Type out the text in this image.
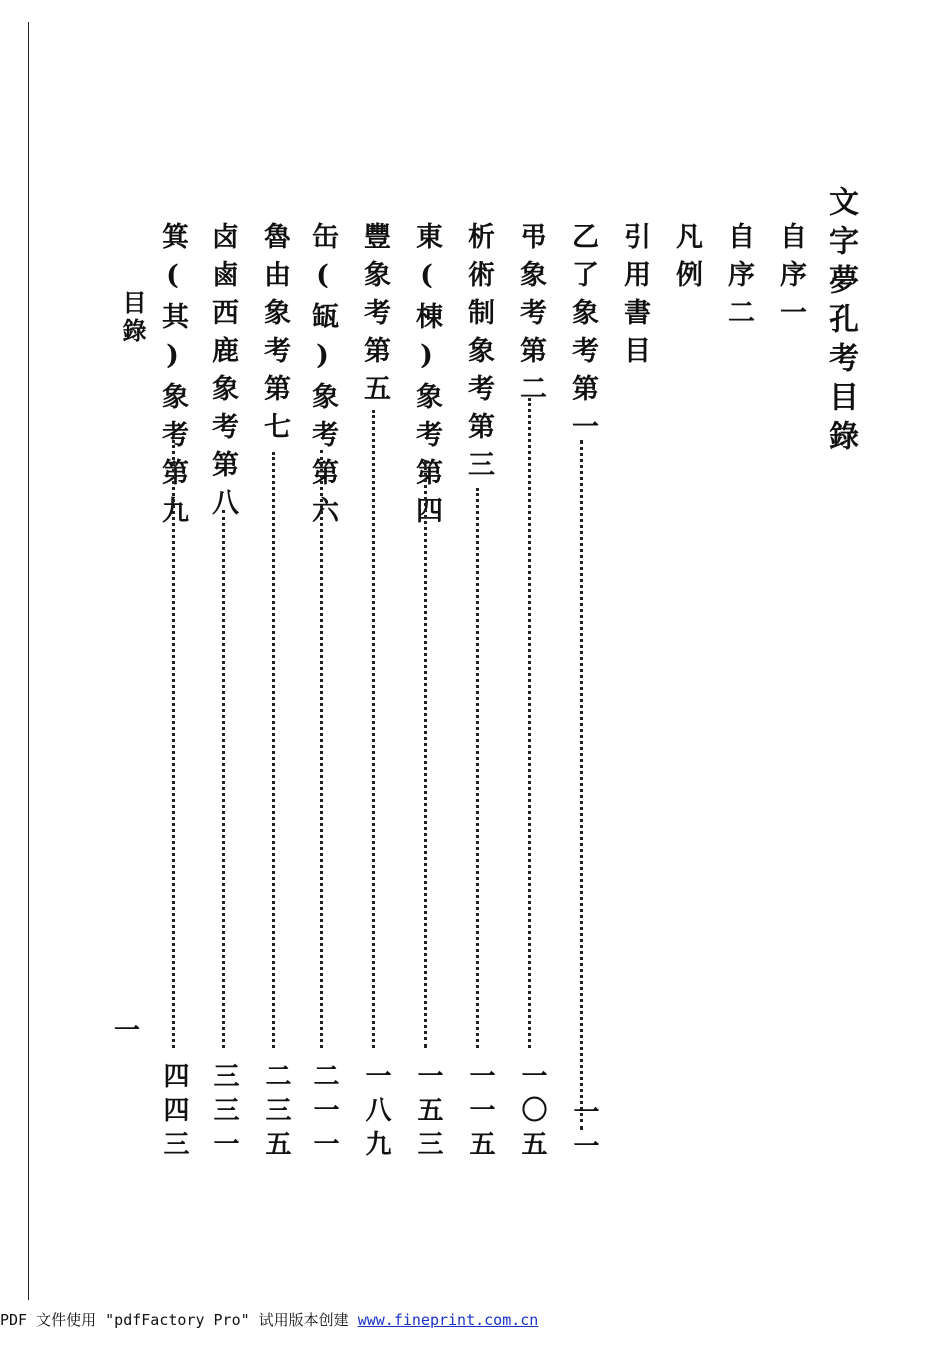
文字夢孔考目錄
自序一
自序二
凡例
引用書目
乙了象考第一
一一
弔象考第二
一〇五
析術制象考第三
一一五
東(棟)象考第四
一五三
豐象考第五
一八九
缶(缻)象考第六
二一一
魯由象考第七
二三五
卤鹵西鹿象考第八
三三一
箕(其)象考第九
四四三
目錄
一
PDF 文件使用 "pdfFactory Pro" 试用版本创建 www.fineprint.com.cn
